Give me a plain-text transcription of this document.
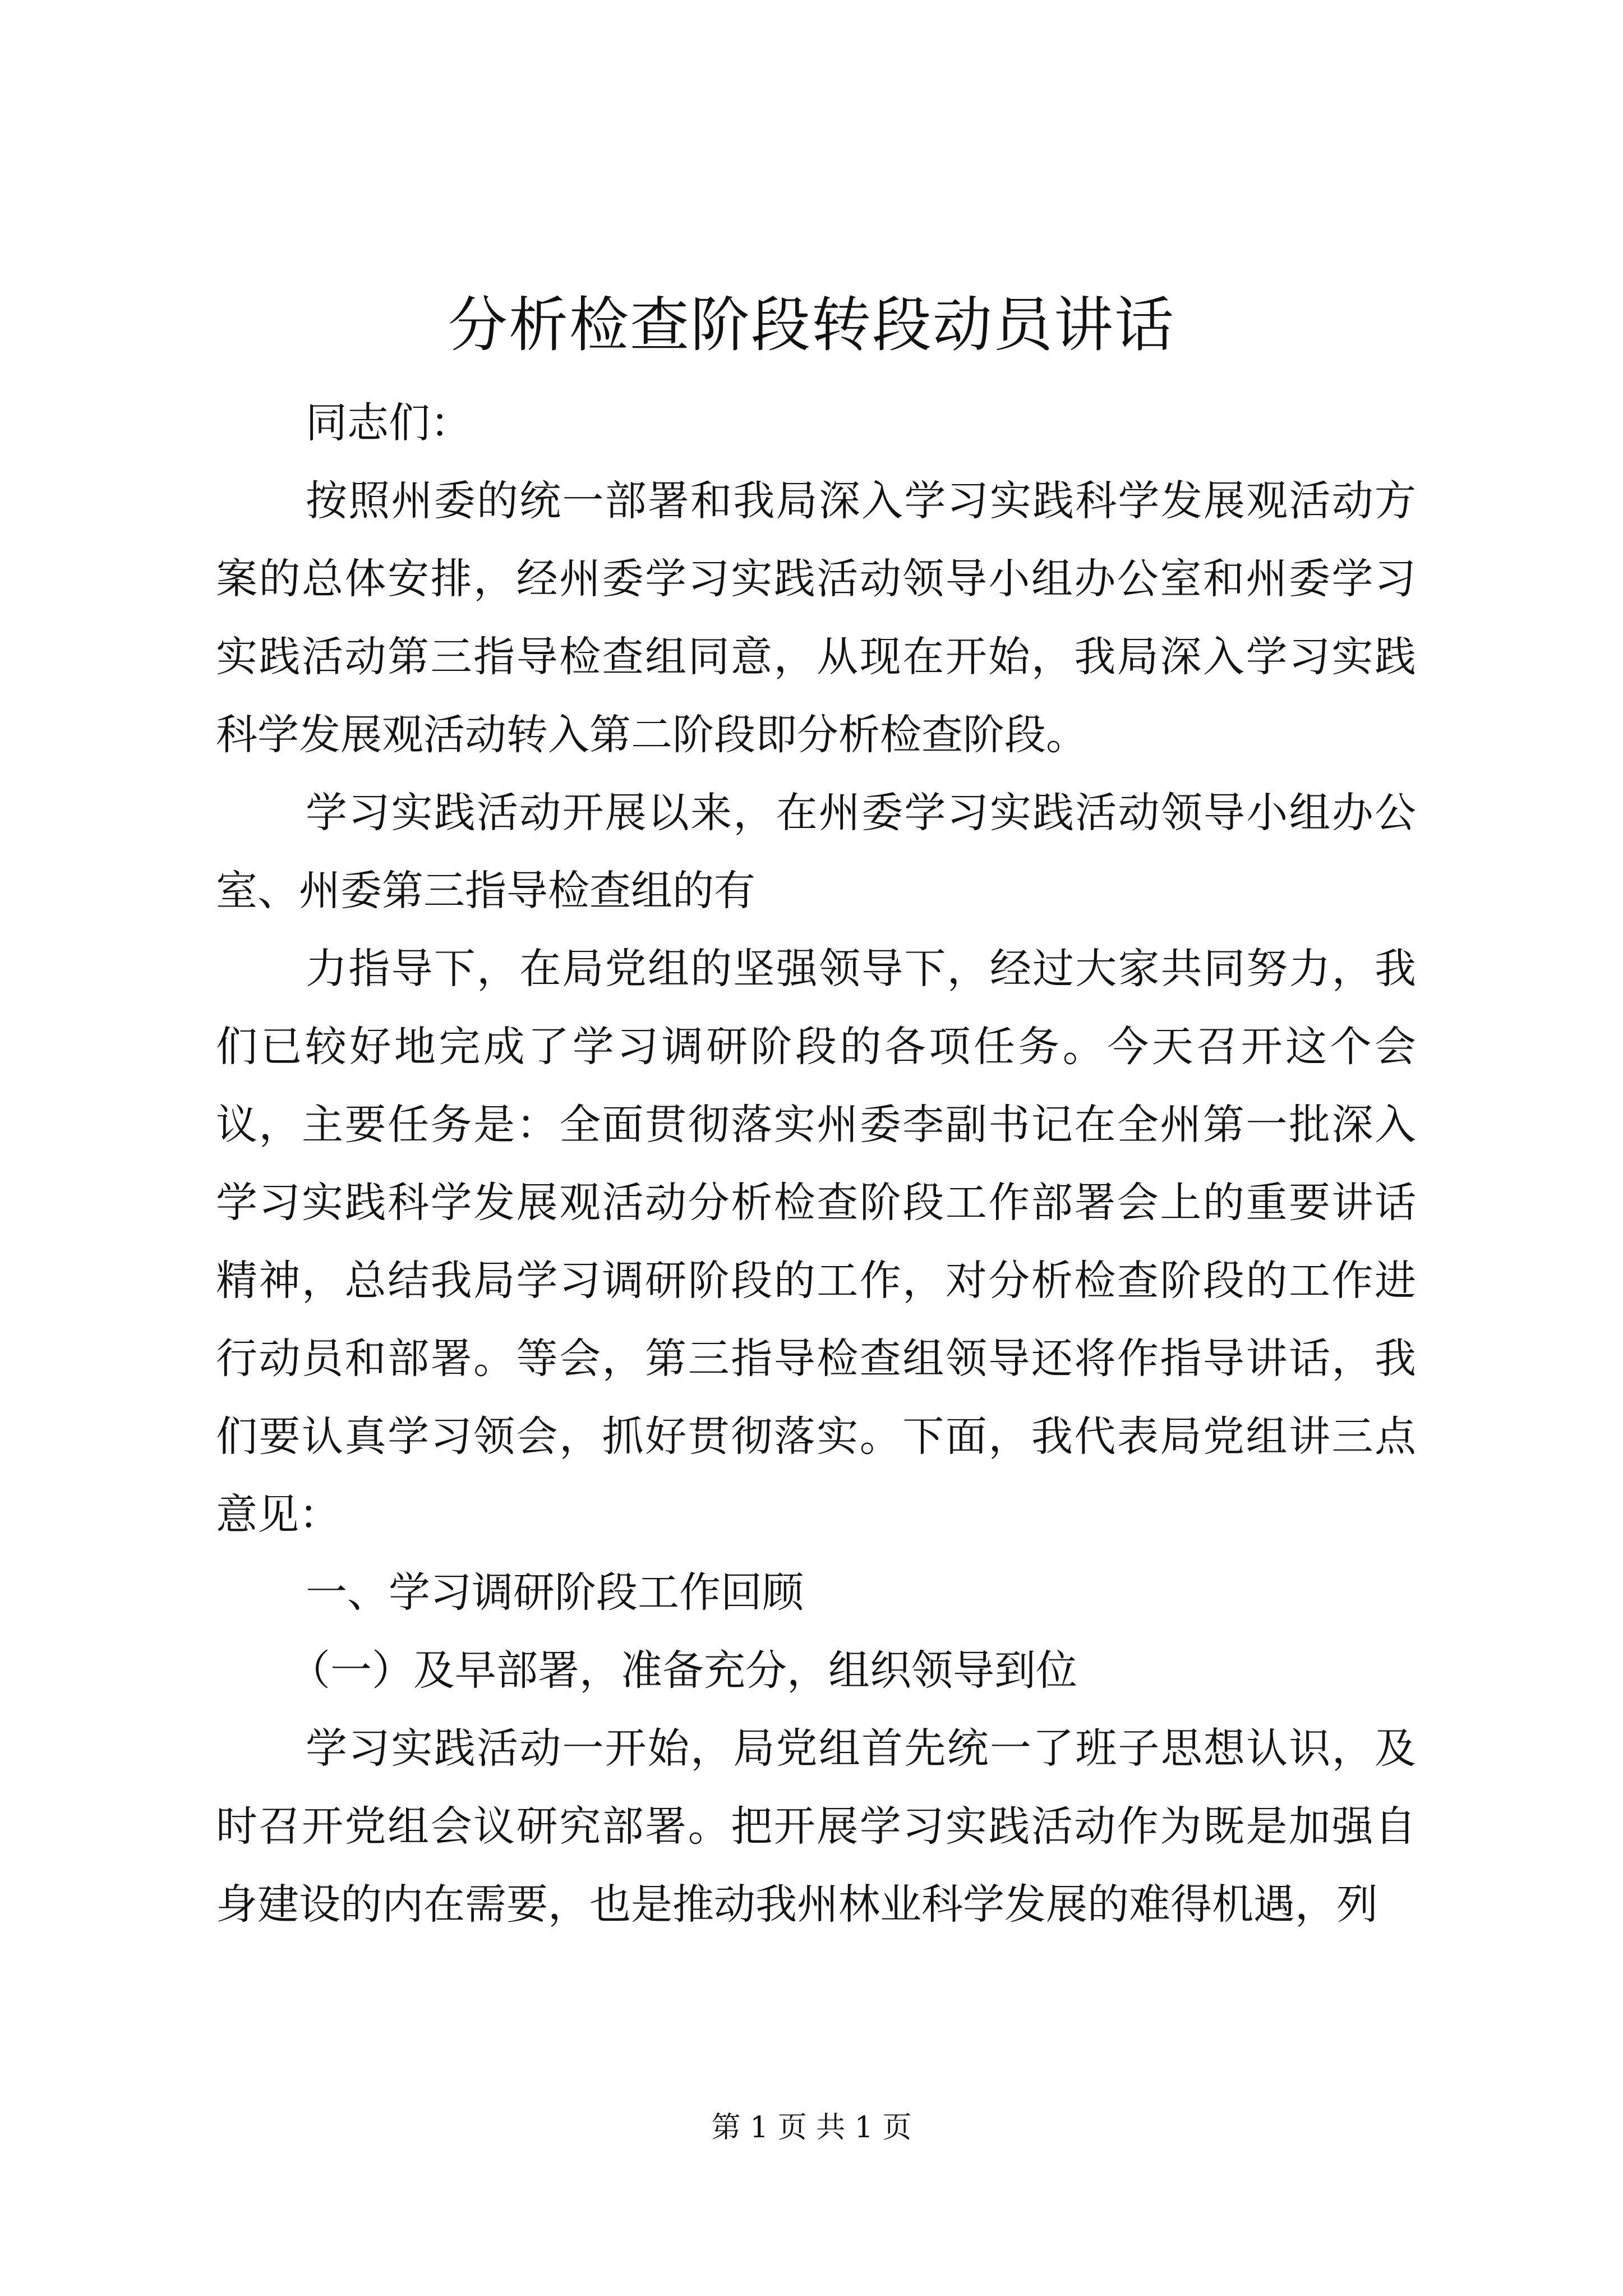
分析检查阶段转段动员讲话

同志们：

按照州委的统一部署和我局深入学习实践科学发展观活动方案的总体安排，经州委学习实践活动领导小组办公室和州委学习实践活动第三指导检查组同意，从现在开始，我局深入学习实践科学发展观活动转入第二阶段即分析检查阶段。

学习实践活动开展以来，在州委学习实践活动领导小组办公室、州委第三指导检查组的有

力指导下，在局党组的坚强领导下，经过大家共同努力，我们已较好地完成了学习调研阶段的各项任务。今天召开这个会议，主要任务是：全面贯彻落实州委李副书记在全州第一批深入学习实践科学发展观活动分析检查阶段工作部署会上的重要讲话精神，总结我局学习调研阶段的工作，对分析检查阶段的工作进行动员和部署。等会，第三指导检查组领导还将作指导讲话，我们要认真学习领会，抓好贯彻落实。下面，我代表局党组讲三点意见：

一、学习调研阶段工作回顾

（一）及早部署，准备充分，组织领导到位

学习实践活动一开始，局党组首先统一了班子思想认识，及时召开党组会议研究部署。把开展学习实践活动作为既是加强自身建设的内在需要，也是推动我州林业科学发展的难得机遇，列

第 1 页 共 1 页
